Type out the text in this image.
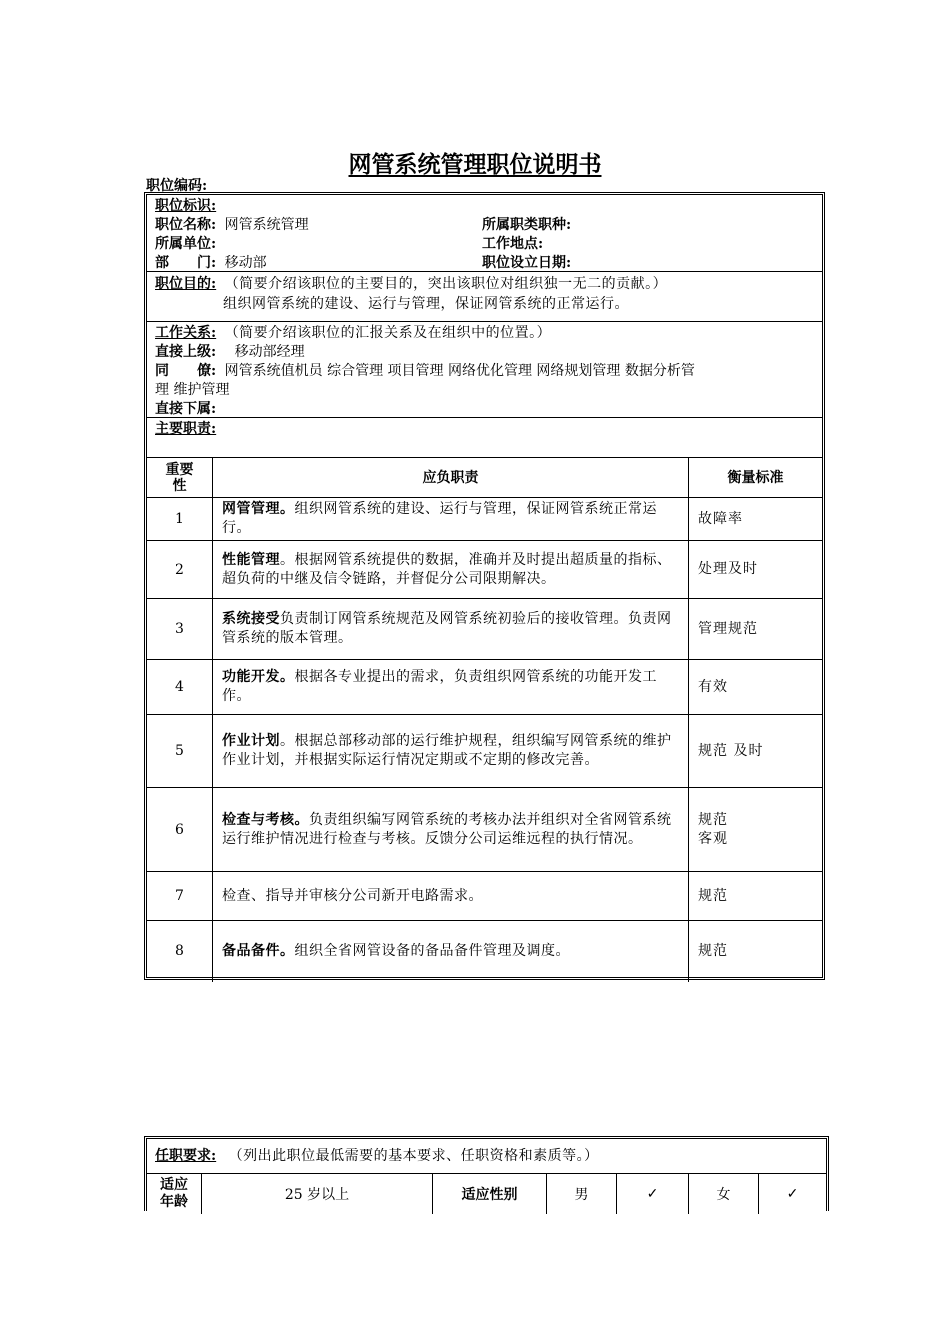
网管系统管理职位说明书
职位编码:
职位标识:
职位名称: 网管系统管理	所属职类职种:
所属单位:	工作地点:
部　　门: 移动部	职位设立日期:
职位目的: （简要介绍该职位的主要目的，突出该职位对组织独一无二的贡献。）
组织网管系统的建设、运行与管理，保证网管系统的正常运行。
工作关系: （简要介绍该职位的汇报关系及在组织中的位置。）
直接上级: 移动部经理
同　　僚: 网管系统值机员 综合管理 项目管理 网络优化管理 网络规划管理 数据分析管
理 维护管理
直接下属:
主要职责:
重要
性	应负职责	衡量标准
1	网管管理。组织网管系统的建设、运行与管理，保证网管系统正常运行。	故障率
2	性能管理。根据网管系统提供的数据，准确并及时提出超质量的指标、超负荷的中继及信令链路，并督促分公司限期解决。	处理及时
3	系统接受负责制订网管系统规范及网管系统初验后的接收管理。负责网管系统的版本管理。	管理规范
4	功能开发。根据各专业提出的需求，负责组织网管系统的功能开发工作。	有效
5	作业计划。根据总部移动部的运行维护规程，组织编写网管系统的维护作业计划，并根据实际运行情况定期或不定期的修改完善。	规范 及时
6	检查与考核。负责组织编写网管系统的考核办法并组织对全省网管系统运行维护情况进行检查与考核。反馈分公司运维远程的执行情况。	规范
客观

7	检查、指导并审核分公司新开电路需求。	规范
8	备品备件。组织全省网管设备的备品备件管理及调度。	规范
任职要求: （列出此职位最低需要的基本要求、任职资格和素质等。）
适应
年龄	25 岁以上	适应性别	男	✓	女	✓
